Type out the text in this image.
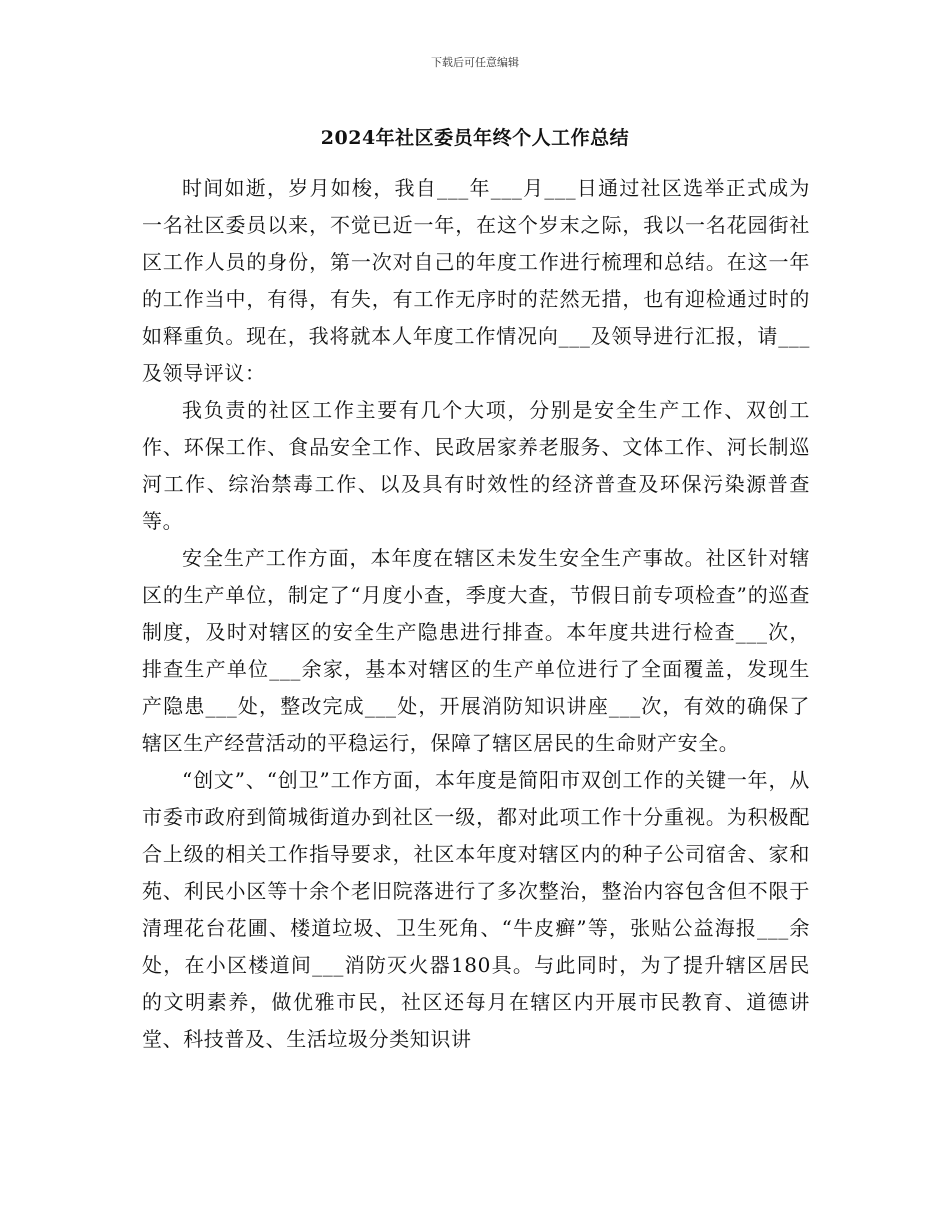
下载后可任意编辑
2024年社区委员年终个人工作总结

时间如逝，岁月如梭，我自___年___月___日通过社区选举正式成为一名社区委员以来，不觉已近一年，在这个岁末之际，我以一名花园街社区工作人员的身份，第一次对自己的年度工作进行梳理和总结。在这一年的工作当中，有得，有失，有工作无序时的茫然无措，也有迎检通过时的如释重负。现在，我将就本人年度工作情况向___及领导进行汇报，请___及领导评议：

我负责的社区工作主要有几个大项，分别是安全生产工作、双创工作、环保工作、食品安全工作、民政居家养老服务、文体工作、河长制巡河工作、综治禁毒工作、以及具有时效性的经济普查及环保污染源普查等。

安全生产工作方面，本年度在辖区未发生安全生产事故。社区针对辖区的生产单位，制定了“月度小查，季度大查，节假日前专项检查”的巡查制度，及时对辖区的安全生产隐患进行排查。本年度共进行检查___次，排查生产单位___余家，基本对辖区的生产单位进行了全面覆盖，发现生产隐患___处，整改完成___处，开展消防知识讲座___次，有效的确保了辖区生产经营活动的平稳运行，保障了辖区居民的生命财产安全。

“创文”、“创卫”工作方面，本年度是简阳市双创工作的关键一年，从市委市政府到简城街道办到社区一级，都对此项工作十分重视。为积极配合上级的相关工作指导要求，社区本年度对辖区内的种子公司宿舍、家和苑、利民小区等十余个老旧院落进行了多次整治，整治内容包含但不限于清理花台花圃、楼道垃圾、卫生死角、“牛皮癣”等，张贴公益海报___余处，在小区楼道间___消防灭火器180具。与此同时，为了提升辖区居民的文明素养，做优雅市民，社区还每月在辖区内开展市民教育、道德讲堂、科技普及、生活垃圾分类知识讲
